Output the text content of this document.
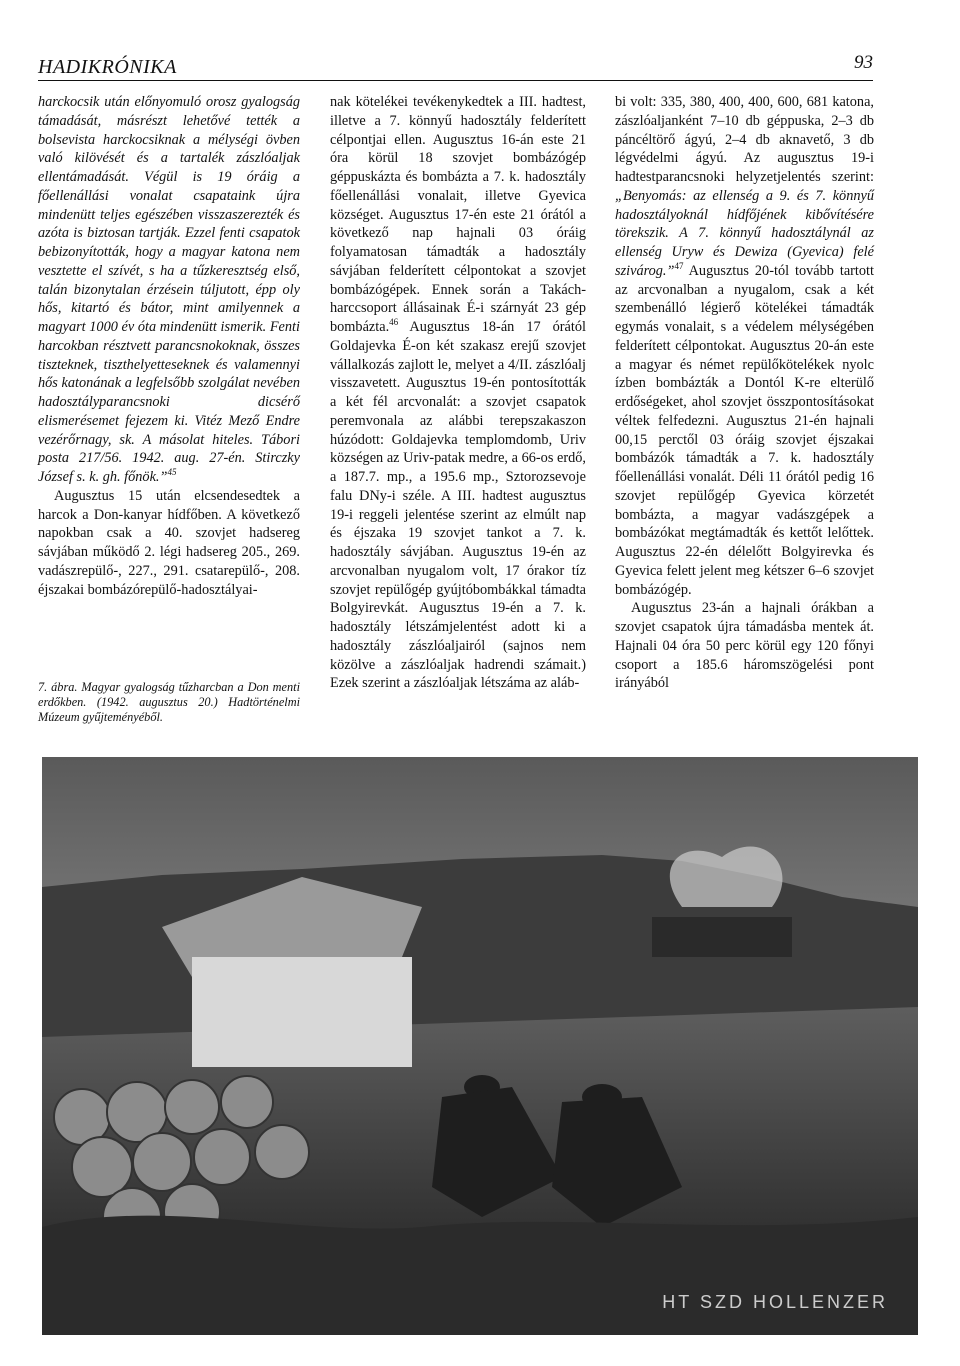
HADIKRÓNIKA	93

harckocsik után előnyomuló orosz gyalogság támadását, másrészt lehetővé tették a bolsevista harckocsiknak a mélységi övben való kilövését és a tartalék zászlóaljak ellentámadását. Végül is 19 óráig a főellenállási vonalat csapataink újra mindenütt teljes egészében visszaszerezték és azóta is biztosan tartják. Ezzel fenti csapatok bebizonyították, hogy a magyar katona nem vesztette el szívét, s ha a tűzkeresztség első, talán bizonytalan érzésein túljutott, épp oly hős, kitartó és bátor, mint amilyennek a magyart 1000 év óta mindenütt ismerik. Fenti harcokban résztvett parancsnokoknak, összes tiszteknek, tiszthelyetteseknek és valamennyi hős katonának a legfelsőbb szolgálat nevében hadosztályparancsnoki dicsérő elismerésemet fejezem ki. Vitéz Mező Endre vezérőrnagy, sk. A másolat hiteles. Tábori posta 217/56. 1942. aug. 27-én. Stirczky József s. k. gh. főnök.”$^{45}$

Augusztus 15 után elcsendesedtek a harcok a Don-kanyar hídfőben. A következő napokban csak a 40. szovjet hadsereg sávjában működő 2. légi hadsereg 205., 269. vadászrepülő-, 227., 291. csatarepülő-, 208. éjszakai bombázórepülő-hadosztályai-

7. ábra. Magyar gyalogság tűzharcban a Don menti erdőkben. (1942. augusztus 20.) Hadtörténelmi Múzeum gyűjteményéből.

nak kötelékei tevékenykedtek a III. hadtest, illetve a 7. könnyű hadosztály felderített célpontjai ellen. Augusztus 16-án este 21 óra körül 18 szovjet bombázógép géppuskázta és bombázta a 7. k. hadosztály főellenállási vonalait, illetve Gyevica községet. Augusztus 17-én este 21 órától a következő nap hajnali 03 óráig folyamatosan támadták a hadosztály sávjában felderített célpontokat a szovjet bombázógépek. Ennek során a Takách-harccsoport állásainak É-i szárnyát 23 gép bombázta.$^{46}$ Augusztus 18-án 17 órától Goldajevka É-on két szakasz erejű szovjet vállalkozás zajlott le, melyet a 4/II. zászlóalj visszavetett. Augusztus 19-én pontosították a két fél arcvonalát: a szovjet csapatok peremvonala az alábbi terepszakaszon húzódott: Goldajevka templomdomb, Uriv községen az Uriv-patak medre, a 66-os erdő, a 187.7. mp., a 195.6 mp., Sztorozsevoje falu DNy-i széle. A III. hadtest augusztus 19-i reggeli jelentése szerint az elmúlt nap és éjszaka 19 szovjet tankot a 7. k. hadosztály sávjában. Augusztus 19-én az arcvonalban nyugalom volt, 17 órakor tíz szovjet repülőgép gyújtóbombákkal támadta Bolgyirevkát. Augusztus 19-én a 7. k. hadosztály létszámjelentést adott ki a hadosztály zászlóaljairól (sajnos nem közölve a zászlóaljak hadrendi számait.) Ezek szerint a zászlóaljak létszáma az aláb-

bi volt: 335, 380, 400, 400, 600, 681 katona, zászlóaljanként 7–10 db géppuska, 2–3 db páncéltörő ágyú, 2–4 db aknavető, 3 db légvédelmi ágyú. Az augusztus 19-i hadtestparancsnoki helyzetjelentés szerint: „Benyomás: az ellenség a 9. és 7. könnyű hadosztályoknál hídfőjének kibővítésére törekszik. A 7. könnyű hadosztálynál az ellenség Uryw és Dewiza (Gyevica) felé szivárog.”$^{47}$ Augusztus 20-tól tovább tartott az arcvonalban a nyugalom, csak a két szembenálló légierő kötelékei támadták egymás vonalait, s a védelem mélységében felderített célpontokat. Augusztus 20-án este a magyar és német repülőkötelékek nyolc ízben bombázták a Dontól K-re elterülő erdőségeket, ahol szovjet összpontosításokat véltek felfedezni. Augusztus 21-én hajnali 00,15 perctől 03 óráig szovjet éjszakai bombázók támadták a 7. k. hadosztály főellenállási vonalát. Déli 11 órától pedig 16 szovjet repülőgép Gyevica körzetét bombázta, a magyar vadászgépek a bombázókat megtámadták és kettőt lelőttek. Augusztus 22-én délelőtt Bolgyirevka és Gyevica felett jelent meg kétszer 6–6 szovjet bombázógép.

Augusztus 23-án a hajnali órákban a szovjet csapatok újra támadásba mentek át. Hajnali 04 óra 50 perc körül egy 120 főnyi csoport a 185.6 háromszögelési pont irányából

HT SZD HOLLENZER
